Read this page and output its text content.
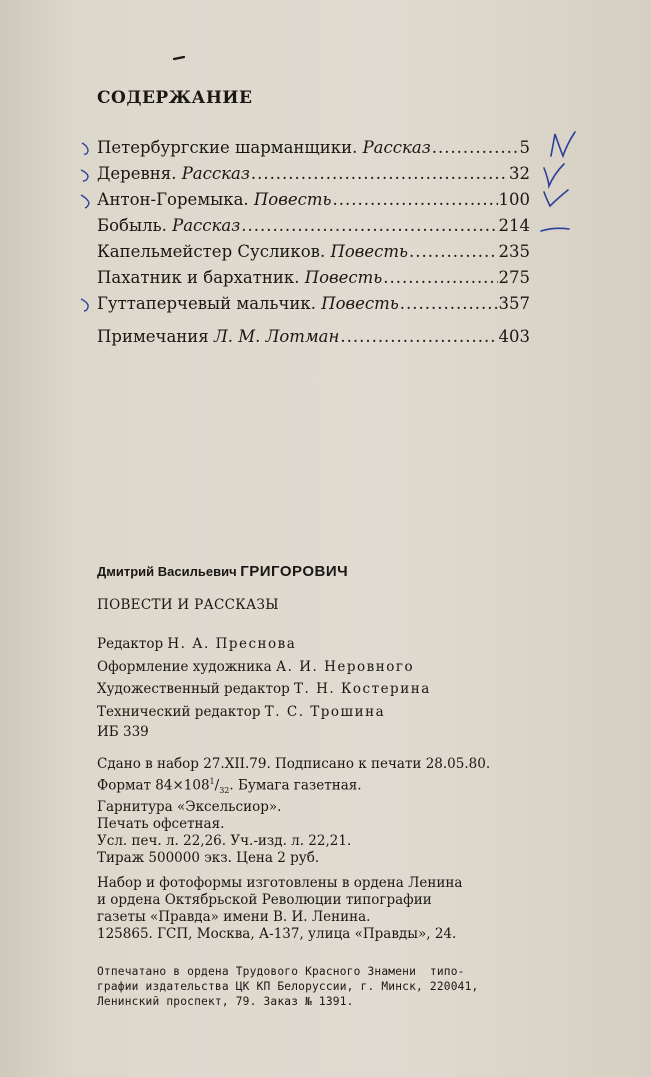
СОДЕРЖАНИЕ
Петербургские шарманщики. Рассказ .....	5
Деревня. Рассказ .....	32
Антон-Горемыка. Повесть .....	100
Бобыль. Рассказ .....	214
Капельмейстер Сусликов. Повесть .....	235
Пахатник и бархатник. Повесть .....	275
Гуттаперчевый мальчик. Повесть .....	357
Примечания Л. М. Лотман .....	403
Дмитрий Васильевич ГРИГОРОВИЧ
ПОВЕСТИ И РАССКАЗЫ
Редактор Н. А. Преснова
Оформление художника А. И. Неровного
Художественный редактор Т. Н. Костерина
Технический редактор Т. С. Трошина
ИБ 339
Сдано в набор 27.XII.79. Подписано к печати 28.05.80.
Формат $84\times 108^1/_{32}$. Бумага газетная.
Гарнитура «Эксельсиор».
Печать офсетная.
Усл. печ. л. 22,26. Уч.-изд. л. 22,21.
Тираж 500000 экз. Цена 2 руб.
Набор и фотоформы изготовлены в ордена Ленина
и ордена Октябрьской Революции типографии
газеты «Правда» имени В. И. Ленина.
125865. ГСП, Москва, А-137, улица «Правды», 24.
Отпечатано в ордена Трудового Красного Знамени  типо-
графии издательства ЦК КП Белоруссии, г. Минск, 220041,
Ленинский проспект, 79. Заказ № 1391.
